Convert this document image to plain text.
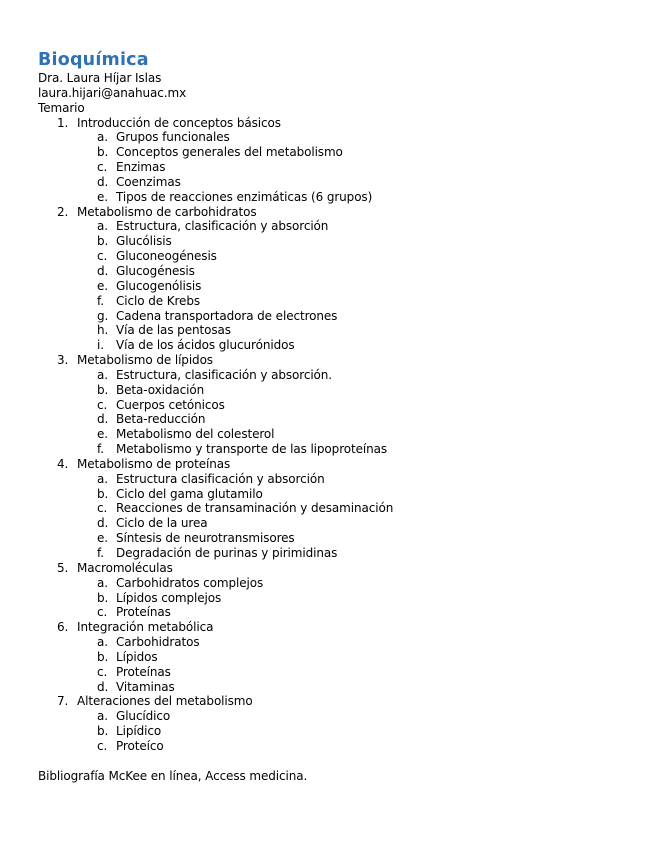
Bioquímica
Dra. Laura Híjar Islas
laura.hijari@anahuac.mx
Temario
1. Introducción de conceptos básicos
a. Grupos funcionales
b. Conceptos generales del metabolismo
c. Enzimas
d. Coenzimas
e. Tipos de reacciones enzimáticas (6 grupos)
2. Metabolismo de carbohidratos
a. Estructura, clasificación y absorción
b. Glucólisis
c. Gluconeogénesis
d. Glucogénesis
e. Glucogenólisis
f. Ciclo de Krebs
g. Cadena transportadora de electrones
h. Vía de las pentosas
i. Vía de los ácidos glucurónidos
3. Metabolismo de lípidos
a. Estructura, clasificación y absorción.
b. Beta-oxidación
c. Cuerpos cetónicos
d. Beta-reducción
e. Metabolismo del colesterol
f. Metabolismo y transporte de las lipoproteínas
4. Metabolismo de proteínas
a. Estructura clasificación y absorción
b. Ciclo del gama glutamilo
c. Reacciones de transaminación y desaminación
d. Ciclo de la urea
e. Síntesis de neurotransmisores
f. Degradación de purinas y pirimidinas
5. Macromoléculas
a. Carbohidratos complejos
b. Lípidos complejos
c. Proteínas
6. Integración metabólica
a. Carbohidratos
b. Lípidos
c. Proteínas
d. Vitaminas
7. Alteraciones del metabolismo
a. Glucídico
b. Lipídico
c. Proteíco
Bibliografía McKee en línea, Access medicina.
